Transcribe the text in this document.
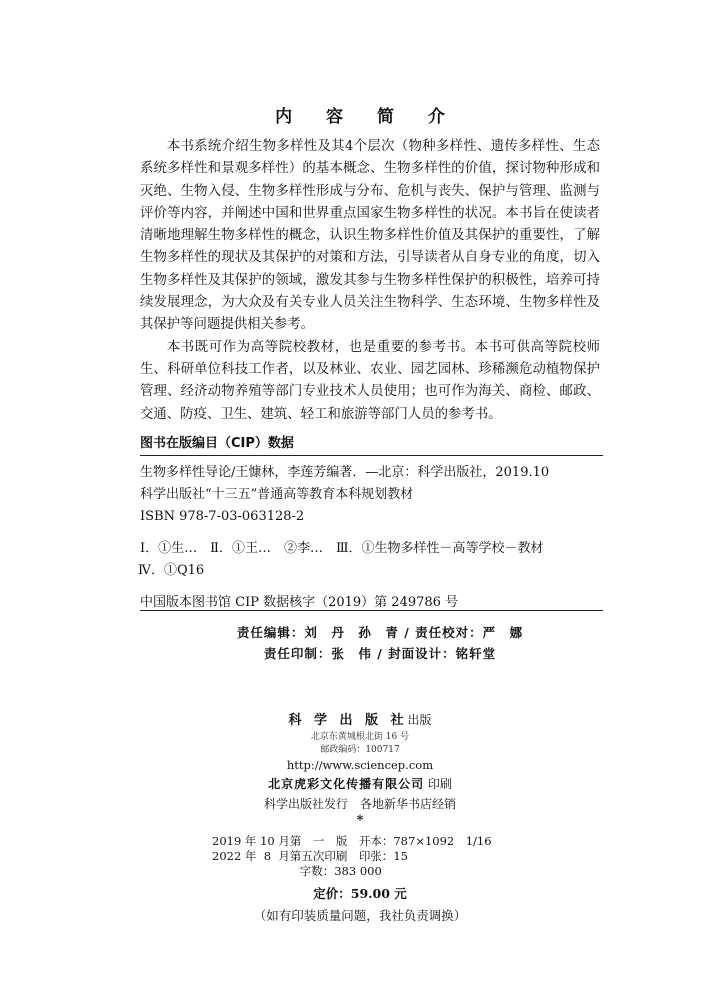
内 容 简 介

本书系统介绍生物多样性及其4个层次（物种多样性、遗传多样性、生态系统多样性和景观多样性）的基本概念、生物多样性的价值，探讨物种形成和灭绝、生物入侵、生物多样性形成与分布、危机与丧失、保护与管理、监测与评价等内容，并阐述中国和世界重点国家生物多样性的状况。本书旨在使读者清晰地理解生物多样性的概念，认识生物多样性价值及其保护的重要性，了解生物多样性的现状及其保护的对策和方法，引导读者从自身专业的角度，切入生物多样性及其保护的领域，激发其参与生物多样性保护的积极性，培养可持续发展理念，为大众及有关专业人员关注生物科学、生态环境、生物多样性及其保护等问题提供相关参考。

本书既可作为高等院校教材，也是重要的参考书。本书可供高等院校师生、科研单位科技工作者，以及林业、农业、园艺园林、珍稀濒危动植物保护管理、经济动物养殖等部门专业技术人员使用；也可作为海关、商检、邮政、交通、防疫、卫生、建筑、轻工和旅游等部门人员的参考书。

图书在版编目（CIP）数据
生物多样性导论/王慷林，李莲芳编著．—北京：科学出版社，2019.10
科学出版社“十三五”普通高等教育本科规划教材
ISBN 978-7-03-063128-2
Ⅰ．①生…　Ⅱ．①王…　②李…　Ⅲ．①生物多样性－高等学校－教材
Ⅳ．①Q16
中国版本图书馆 CIP 数据核字（2019）第 249786 号
责任编辑：刘　丹　孙　青 / 责任校对：严　娜
责任印制：张　伟 / 封面设计：铭轩堂
科 学 出 版 社出版
北京东黄城根北街 16 号
邮政编码：100717
http://www.sciencep.com
北京虎彩文化传播有限公司 印刷
科学出版社发行　各地新华书店经销
*
2019 年 10 月第　一　版　开本：787×1092　1/16
2022 年  8  月第五次印刷　印张：15
字数：383 000
定价：59.00 元
（如有印装质量问题，我社负责调换）
